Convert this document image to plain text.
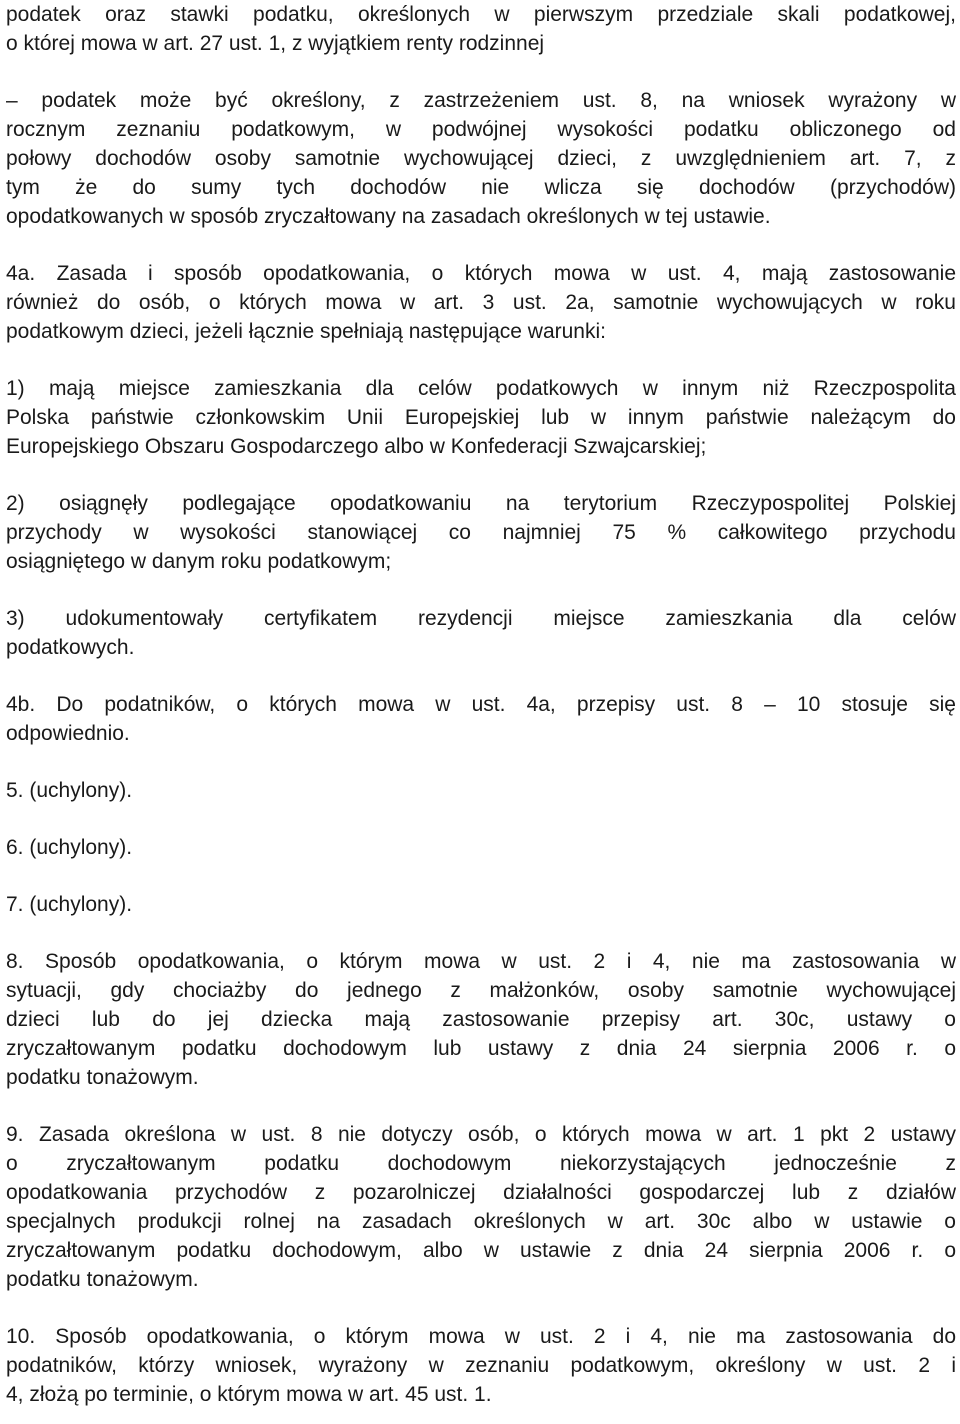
podatek oraz stawki podatku, określonych w pierwszym przedziale skali podatkowej,
o której mowa w art. 27 ust. 1, z wyjątkiem renty rodzinnej
– podatek może być określony, z zastrzeżeniem ust. 8, na wniosek wyrażony w
rocznym zeznaniu podatkowym, w podwójnej wysokości podatku obliczonego od
połowy dochodów osoby samotnie wychowującej dzieci, z uwzględnieniem art. 7, z
tym że do sumy tych dochodów nie wlicza się dochodów (przychodów)
opodatkowanych w sposób zryczałtowany na zasadach określonych w tej ustawie.
4a. Zasada i sposób opodatkowania, o których mowa w ust. 4, mają zastosowanie
również do osób, o których mowa w art. 3 ust. 2a, samotnie wychowujących w roku
podatkowym dzieci, jeżeli łącznie spełniają następujące warunki:
1) mają miejsce zamieszkania dla celów podatkowych w innym niż Rzeczpospolita
Polska państwie członkowskim Unii Europejskiej lub w innym państwie należącym do
Europejskiego Obszaru Gospodarczego albo w Konfederacji Szwajcarskiej;
2) osiągnęły podlegające opodatkowaniu na terytorium Rzeczypospolitej Polskiej
przychody w wysokości stanowiącej co najmniej 75 % całkowitego przychodu
osiągniętego w danym roku podatkowym;
3) udokumentowały certyfikatem rezydencji miejsce zamieszkania dla celów
podatkowych.
4b. Do podatników, o których mowa w ust. 4a, przepisy ust. 8 – 10 stosuje się
odpowiednio.
5. (uchylony).
6. (uchylony).
7. (uchylony).
8. Sposób opodatkowania, o którym mowa w ust. 2 i 4, nie ma zastosowania w
sytuacji, gdy chociażby do jednego z małżonków, osoby samotnie wychowującej
dzieci lub do jej dziecka mają zastosowanie przepisy art. 30c, ustawy o
zryczałtowanym podatku dochodowym lub ustawy z dnia 24 sierpnia 2006 r. o
podatku tonażowym.
9. Zasada określona w ust. 8 nie dotyczy osób, o których mowa w art. 1 pkt 2 ustawy
o zryczałtowanym podatku dochodowym niekorzystających jednocześnie z
opodatkowania przychodów z pozarolniczej działalności gospodarczej lub z działów
specjalnych produkcji rolnej na zasadach określonych w art. 30c albo w ustawie o
zryczałtowanym podatku dochodowym, albo w ustawie z dnia 24 sierpnia 2006 r. o
podatku tonażowym.
10. Sposób opodatkowania, o którym mowa w ust. 2 i 4, nie ma zastosowania do
podatników, którzy wniosek, wyrażony w zeznaniu podatkowym, określony w ust. 2 i
4, złożą po terminie, o którym mowa w art. 45 ust. 1.
